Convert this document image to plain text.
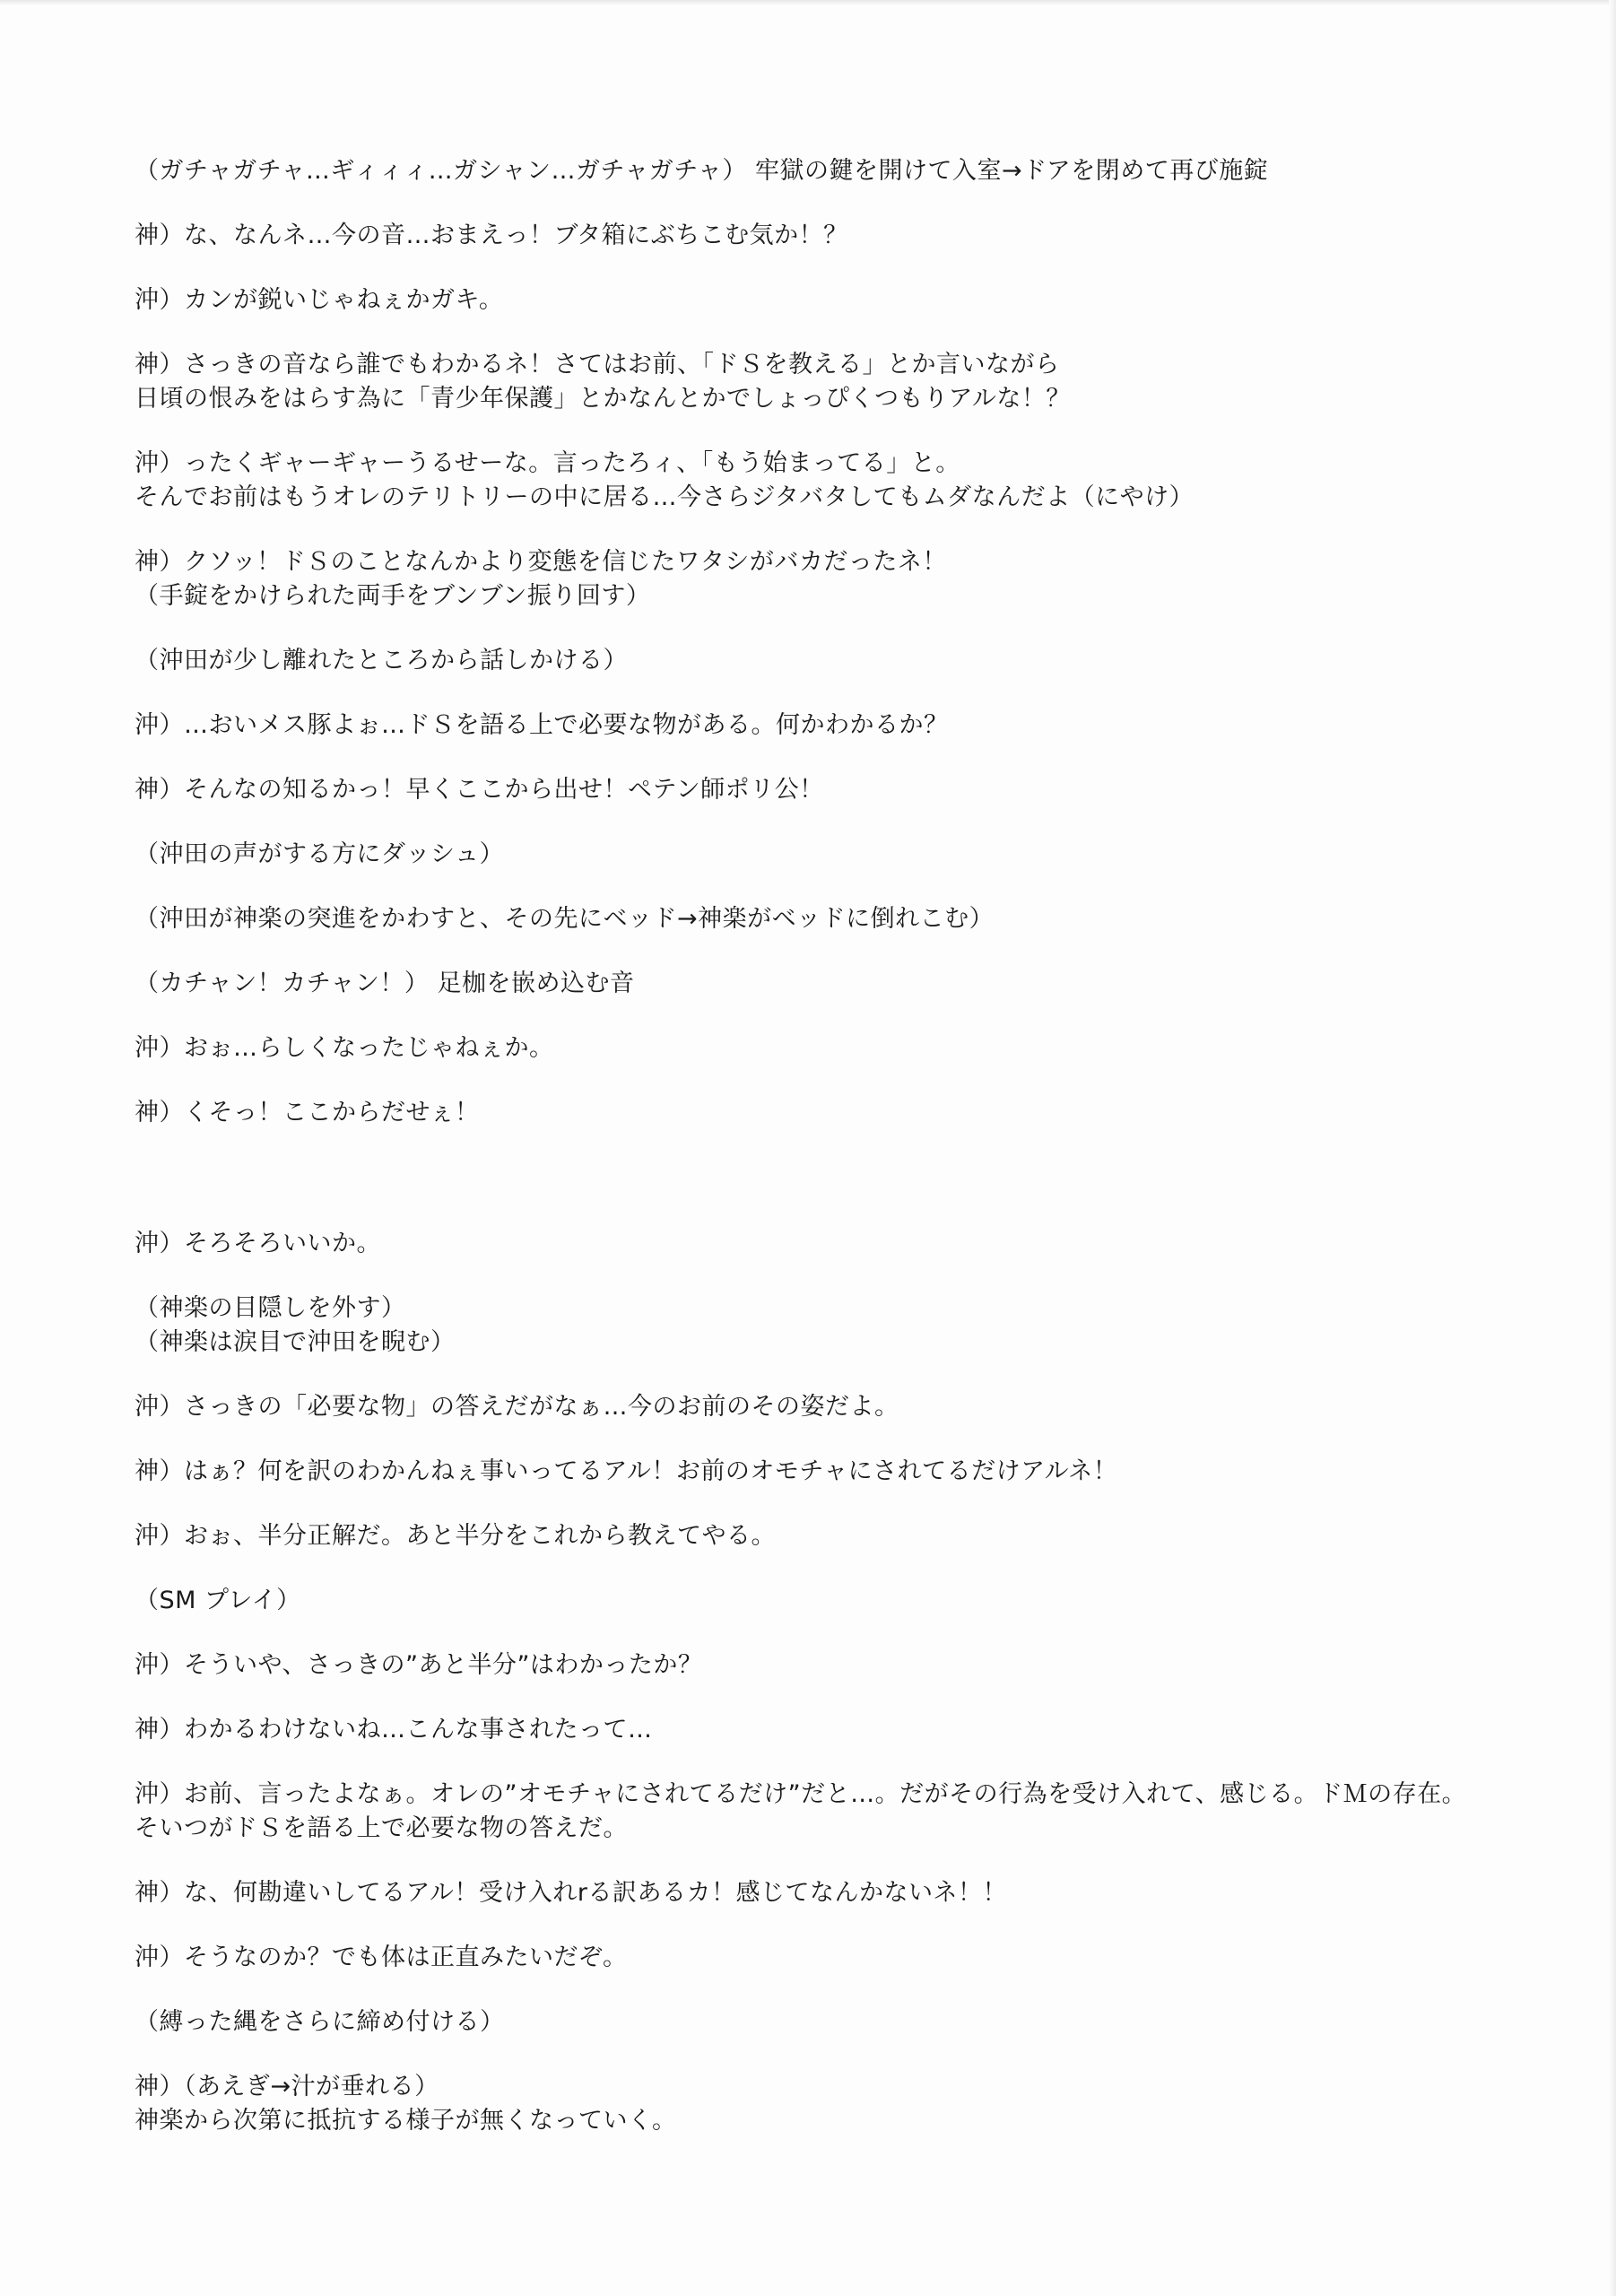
（ガチャガチャ…ギィィィ…ガシャン…ガチャガチャ） 牢獄の鍵を開けて入室→ドアを閉めて再び施錠
神）な、なんネ…今の音…おまえっ！ブタ箱にぶちこむ気か！？
沖）カンが鋭いじゃねぇかガキ。
神）さっきの音なら誰でもわかるネ！さてはお前、「ドＳを教える」とか言いながら
日頃の恨みをはらす為に「青少年保護」とかなんとかでしょっぴくつもりアルな！？
沖）ったくギャーギャーうるせーな。言ったろィ、「もう始まってる」と。
そんでお前はもうオレのテリトリーの中に居る…今さらジタバタしてもムダなんだよ（にやけ）
神）クソッ！ドＳのことなんかより変態を信じたワタシがバカだったネ！
（手錠をかけられた両手をブンブン振り回す）
（沖田が少し離れたところから話しかける）
沖）…おいメス豚よぉ…ドＳを語る上で必要な物がある。何かわかるか？
神）そんなの知るかっ！早くここから出せ！ペテン師ポリ公！
（沖田の声がする方にダッシュ）
（沖田が神楽の突進をかわすと、その先にベッド→神楽がベッドに倒れこむ）
（カチャン！カチャン！） 足枷を嵌め込む音
沖）おぉ…らしくなったじゃねぇか。
神）くそっ！ここからだせぇ！
沖）そろそろいいか。
（神楽の目隠しを外す）
（神楽は涙目で沖田を睨む）
沖）さっきの「必要な物」の答えだがなぁ…今のお前のその姿だよ。
神）はぁ？何を訳のわかんねぇ事いってるアル！お前のオモチャにされてるだけアルネ！
沖）おぉ、半分正解だ。あと半分をこれから教えてやる。
（SM プレイ）
沖）そういや、さっきの”あと半分”はわかったか？
神）わかるわけないね…こんな事されたって…
沖）お前、言ったよなぁ。オレの”オモチャにされてるだけ”だと…。だがその行為を受け入れて、感じる。ドＭの存在。
そいつがドＳを語る上で必要な物の答えだ。
神）な、何勘違いしてるアル！受け入れrる訳あるカ！感じてなんかないネ！！
沖）そうなのか？でも体は正直みたいだぞ。
（縛った縄をさらに締め付ける）
神）（あえぎ→汁が垂れる）
神楽から次第に抵抗する様子が無くなっていく。
